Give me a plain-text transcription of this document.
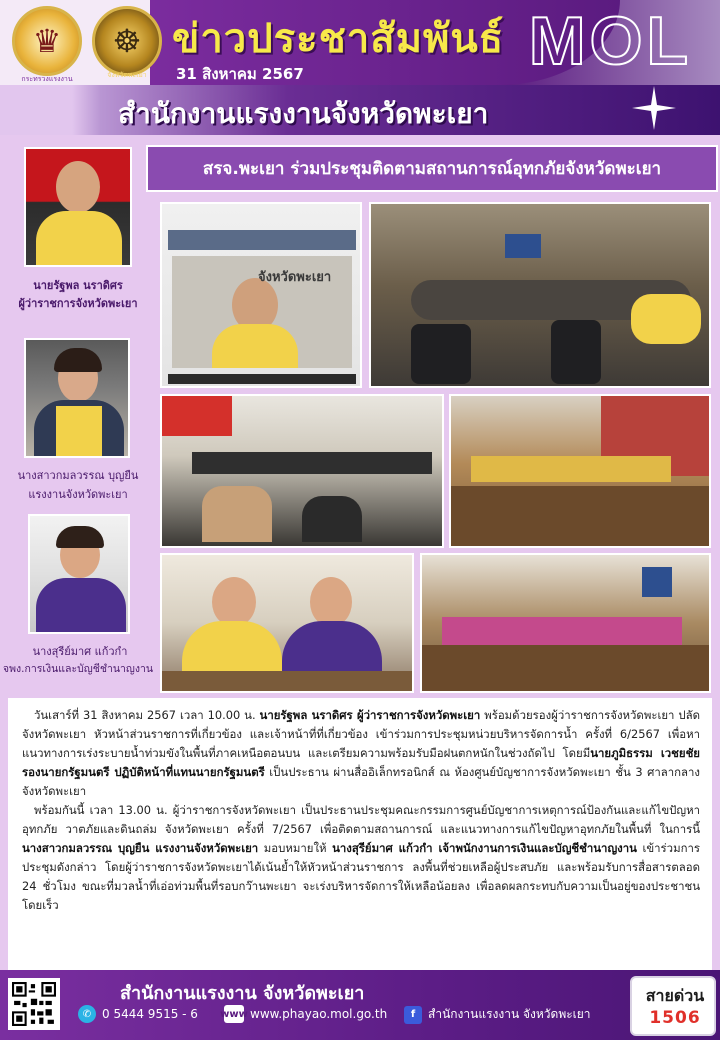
♛
กระทรวงแรงงาน
☸
จังหวัดพะเยา
ข่าวประชาสัมพันธ์
31 สิงหาคม 2567	MOL
สำนักงานแรงงานจังหวัดพะเยา
สรจ.พะเยา ร่วมประชุมติดตามสถานการณ์อุทกภัยจังหวัดพะเยา
นายรัฐพล นราดิศร
ผู้ว่าราชการจังหวัดพะเยา
นางสาวกมลวรรณ บุญยืน
แรงงานจังหวัดพะเยา
นางสุรีย์มาศ แก้วกำ
จพง.การเงินและบัญชีชำนาญงาน
จังหวัดพะเยา

วันเสาร์ที่ 31 สิงหาคม 2567 เวลา 10.00 น. นายรัฐพล นราดิศร ผู้ว่าราชการจังหวัดพะเยา พร้อมด้วยรองผู้ว่าราชการจังหวัดพะเยา ปลัดจังหวัดพะเยา หัวหน้าส่วนราชการที่เกี่ยวข้อง และเจ้าหน้าที่ที่เกี่ยวข้อง เข้าร่วมการประชุมหน่วยบริหารจัดการน้ำ ครั้งที่ 6/2567 เพื่อหาแนวทางการเร่งระบายน้ำท่วมขังในพื้นที่ภาคเหนือตอนบน และเตรียมความพร้อมรับมือฝนตกหนักในช่วงถัดไป โดยมีนายภูมิธรรม เวชยชัย รองนายกรัฐมนตรี ปฏิบัติหน้าที่แทนนายกรัฐมนตรี เป็นประธาน ผ่านสื่ออิเล็กทรอนิกส์ ณ ห้องศูนย์บัญชาการจังหวัดพะเยา ชั้น 3 ศาลากลางจังหวัดพะเยา

พร้อมกันนี้ เวลา 13.00 น. ผู้ว่าราชการจังหวัดพะเยา เป็นประธานประชุมคณะกรรมการศูนย์บัญชาการเหตุการณ์ป้องกันและแก้ไขปัญหาอุทกภัย วาตภัยและดินถล่ม จังหวัดพะเยา ครั้งที่ 7/2567 เพื่อติดตามสถานการณ์ และแนวทางการแก้ไขปัญหาอุทกภัยในพื้นที่ ในการนี้ นางสาวกมลวรรณ บุญยืน แรงงานจังหวัดพะเยา มอบหมายให้ นางสุรีย์มาศ แก้วกำ เจ้าพนักงานการเงินและบัญชีชำนาญงาน เข้าร่วมการประชุมดังกล่าว โดยผู้ว่าราชการจังหวัดพะเยาได้เน้นย้ำให้หัวหน้าส่วนราชการ ลงพื้นที่ช่วยเหลือผู้ประสบภัย และพร้อมรับการสื่อสารตลอด 24 ชั่วโมง ขณะที่มวลน้ำที่เอ่อท่วมพื้นที่รอบกว๊านพะเยา จะเร่งบริหารจัดการให้เหลือน้อยลง เพื่อลดผลกระทบกับความเป็นอยู่ของประชาชน โดยเร็ว

สำนักงานแรงงาน จังหวัดพะเยา
✆ 0 5444 9515 - 6 www www.phayao.mol.go.th	f	สำนักงานแรงงาน จังหวัดพะเยา
สายด่วน
1506
